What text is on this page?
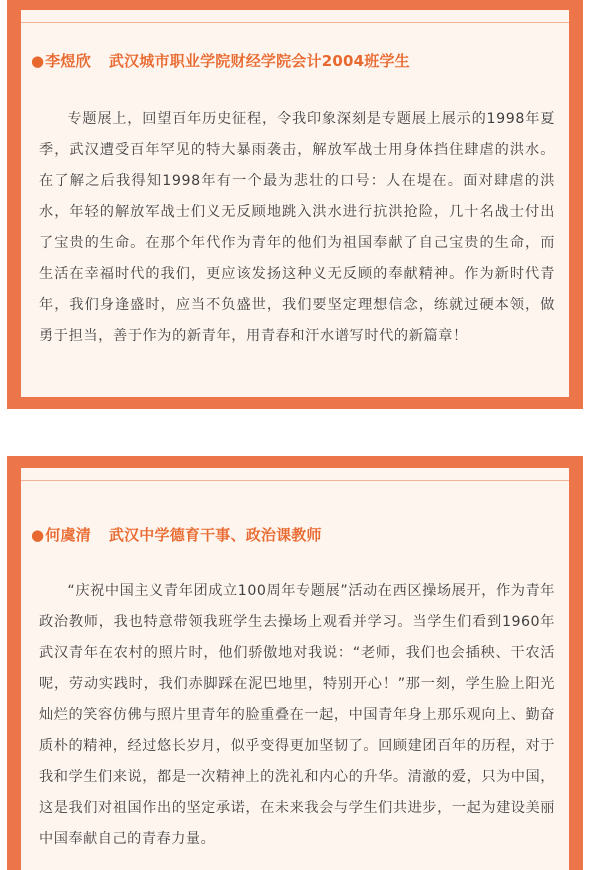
●李煜欣 武汉城市职业学院财经学院会计2004班学生

专题展上，回望百年历史征程，令我印象深刻是专题展上展示的1998年夏季，武汉遭受百年罕见的特大暴雨袭击，解放军战士用身体挡住肆虐的洪水。在了解之后我得知1998年有一个最为悲壮的口号：人在堤在。面对肆虐的洪水，年轻的解放军战士们义无反顾地跳入洪水进行抗洪抢险，几十名战士付出了宝贵的生命。在那个年代作为青年的他们为祖国奉献了自己宝贵的生命，而生活在幸福时代的我们，更应该发扬这种义无反顾的奉献精神。作为新时代青年，我们身逢盛时，应当不负盛世，我们要坚定理想信念，练就过硬本领，做勇于担当，善于作为的新青年，用青春和汗水谱写时代的新篇章！

●何虞清 武汉中学德育干事、政治课教师

“庆祝中国主义青年团成立100周年专题展”活动在西区操场展开，作为青年政治教师，我也特意带领我班学生去操场上观看并学习。当学生们看到1960年武汉青年在农村的照片时，他们骄傲地对我说：“老师，我们也会插秧、干农活呢，劳动实践时，我们赤脚踩在泥巴地里，特别开心！”那一刻，学生脸上阳光灿烂的笑容仿佛与照片里青年的脸重叠在一起，中国青年身上那乐观向上、勤奋质朴的精神，经过悠长岁月，似乎变得更加坚韧了。回顾建团百年的历程，对于我和学生们来说，都是一次精神上的洗礼和内心的升华。清澈的爱，只为中国，这是我们对祖国作出的坚定承诺，在未来我会与学生们共进步，一起为建设美丽中国奉献自己的青春力量。
